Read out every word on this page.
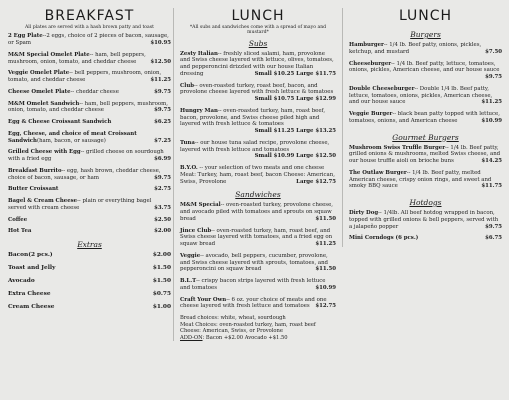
BREAKFAST
All plates are served with a hash brown patty and toast
2 Egg Plate--2 eggs, choice of 2 pieces of bacon, sausage, or Spam	$10.95
M&M Special Omelet Plate-- ham, bell peppers, mushroom, onion, tomato, and cheddar cheese	$12.50
Veggie Omelet Plate-- bell peppers, mushroom, onion, tomato, and cheddar cheese	$11.25
Cheese Omelet Plate-- cheddar cheese	$9.75
M&M Omelet Sandwich-- ham, bell peppers, mushroom, onion, tomato, and cheddar cheese	$9.75
Egg & Cheese Croissant Sandwich	$6.25
Egg, Cheese, and choice of meat Croissant Sandwich(ham, bacon, or sausage)	$7.25
Grilled Cheese with Egg-- grilled cheese on sourdough with a fried egg	$6.99
Breakfast Burrito-- egg, hash brown, cheddar cheese, choice of bacon, sausage, or ham	$9.75
Butter Croissant	$2.75
Bagel & Cream Cheese-- plain or everything bagel served with cream cheese	$3.75
Coffee	$2.50
Hot Tea	$2.00
Extras
Bacon(2 pcs.)	$2.00
Toast and Jelly	$1.50
Avocado	$1.50
Extra Cheese	$0.75
Cream Cheese	$1.00
LUNCH
*All subs and sandwiches come with a spread of mayo and mustard*
Subs
Zesty Italian-- freshly sliced salami, ham, provolone and Swiss cheese layered with lettuce, olives, tomatoes, and pepperoncini drizzled with our house Italian dressing	Small $10.25 Large $11.75
Club-- oven-roasted turkey, roast beef, bacon, and provolone cheese layered with fresh lettuce & tomatoes
Small $10.75 Large $12.99
Hungry Man-- oven-roasted turkey, ham, roast beef, bacon, provolone, and Swiss cheese piled high and layered with fresh lettuce & tomatoes
Small $11.25 Large $13.25
Tuna-- our house tuna salad recipe, provolone cheese, layered with fresh lettuce and tomatoes
Small $10.99 Large $12.50
B.Y.O. -- your selection of two meats and one cheese Meat: Turkey, ham, roast beef, bacon Cheese: American, Swiss, Provolone	Large $12.75
Sandwiches
M&M Special-- oven-roasted turkey, provolone cheese, and avocado piled with tomatoes and sprouts on squaw bread	$11.50
Jince Club-- oven-roasted turkey, ham, roast beef, and Swiss cheese layered with tomatoes, and a fried egg on squaw bread	$11.25
Veggie-- avocado, bell peppers, cucumber, provolone, and Swiss cheese layered with sprouts, tomatoes, and pepperoncini on squaw bread	$11.50
B.L.T-- crispy bacon strips layered with fresh lettuce and tomatoes	$10.99
Craft Your Own-- 6 oz. your choice of meats and one cheese layered with fresh lettuce and tomatoes $12.75
Bread choices: white, wheat, sourdough
Meat Choices: oven-roasted turkey, ham, roast beef
Cheese: American, Swiss, or Provolone
ADD-ON: Bacon +$2.00 Avocado +$1.50
LUNCH
Burgers
Hamburger-- 1/4 lb. Beef patty, onions, pickles, ketchup, and mustard	$7.50
Cheeseburger-- 1/4 lb. Beef patty, lettuce, tomatoes, onions, pickles, American cheese, and our house sauce
$9.75
Double Cheeseburger-- Double 1/4 lb. Beef patty, lettuce, tomatoes, onions, pickles, American cheese, and our house sauce	$11.25
Veggie Burger-- black bean patty topped with lettuce, tomatoes, onions, and American cheese	$10.99
Gourmet Burgers
Mushroom Swiss Truffle Burger-- 1/4 lb. Beef patty, grilled onions & mushrooms, melted Swiss cheese, and our house truffle aioli on brioche buns	$14.25
The Outlaw Burger-- 1/4 lb. Beef patty, melted American cheese, crispy onion rings, and sweet and smoky BBQ sauce	$11.75
Hotdogs
Dirty Dog-- 1/4lb. All beef hotdog wrapped in bacon, topped with grilled onions & bell peppers, served with a jalapeño popper	$9.75
Mini Corndogs (6 pcs.)	$6.75
